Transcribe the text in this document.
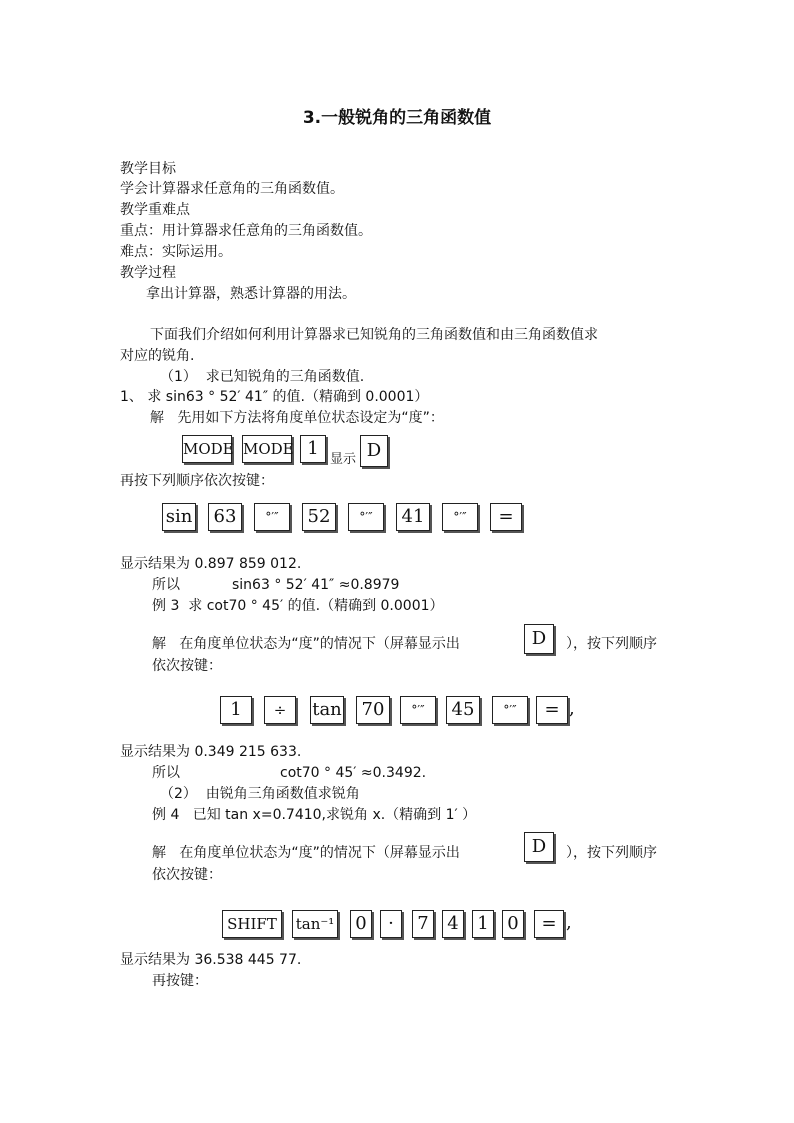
3.一般锐角的三角函数值
教学目标
学会计算器求任意角的三角函数值。
教学重难点
重点：用计算器求任意角的三角函数值。
难点：实际运用。
教学过程
拿出计算器，熟悉计算器的用法。
下面我们介绍如何利用计算器求已知锐角的三角函数值和由三角函数值求
对应的锐角.
（1）  求已知锐角的三角函数值.
1、 求 sin63 ° 52′ 41″ 的值.（精确到 0.0001）
解   先用如下方法将角度单位状态设定为“度”：
MODE MODE 1
显示 D
再按下列顺序依次按键：
sin	63	°′″	52	°′″	41	°′″	=
显示结果为 0.897 859 012.
所以	sin63 ° 52′ 41″ ≈0.8979
例 3  求 cot70 ° 45′ 的值.（精确到 0.0001）
解   在角度单位状态为“度”的情况下（屏幕显示出	D	），按下列顺序
依次按键：
1	÷	tan	70	°′″	45	°′″	= ,
显示结果为 0.349 215 633.
所以	cot70 ° 45′ ≈0.3492.
（2）  由锐角三角函数值求锐角
例 4   已知 tan x=0.7410,求锐角 x.（精确到 1′ ）
解   在角度单位状态为“度”的情况下（屏幕显示出	D	），按下列顺序
依次按键：
SHIFT	tan⁻¹ 0	·	7 4 1 0	= ,
显示结果为 36.538 445 77.
再按键：
